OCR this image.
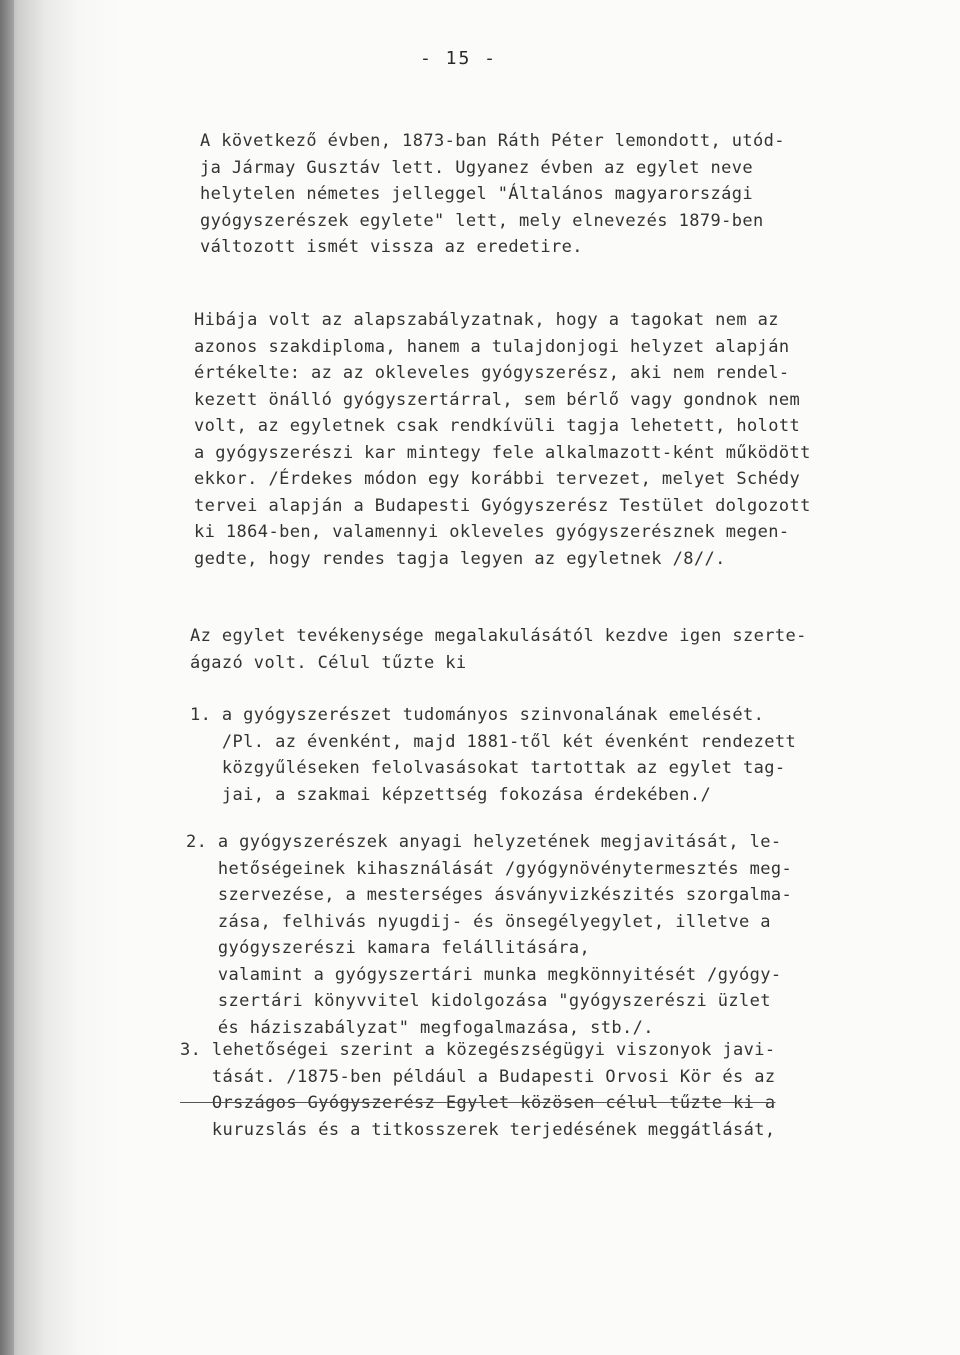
- 15 -
A következő évben, 1873-ban Ráth Péter lemondott, utód-
ja Jármay Gusztáv lett. Ugyanez évben az egylet neve
helytelen németes jelleggel "Általános magyarországi
gyógyszerészek egylete" lett, mely elnevezés 1879-ben
változott ismét vissza az eredetire.
Hibája volt az alapszabályzatnak, hogy a tagokat nem az
azonos szakdiploma, hanem a tulajdonjogi helyzet alapján
értékelte: az az okleveles gyógyszerész, aki nem rendel-
kezett önálló gyógyszertárral, sem bérlő vagy gondnok nem
volt, az egyletnek csak rendkívüli tagja lehetett, holott
a gyógyszerészi kar mintegy fele alkalmazott-ként működött
ekkor. /Érdekes módon egy korábbi tervezet, melyet Schédy
tervei alapján a Budapesti Gyógyszerész Testület dolgozott
ki 1864-ben, valamennyi okleveles gyógyszerésznek megen-
gedte, hogy rendes tagja legyen az egyletnek /8//.
Az egylet tevékenysége megalakulásától kezdve igen szerte-
ágazó volt. Célul tűzte ki
1. a gyógyszerészet tudományos szinvonalának emelését.
/Pl. az évenként, majd 1881-től két évenként rendezett
közgyűléseken felolvasásokat tartottak az egylet tag-
jai, a szakmai képzettség fokozása érdekében./
2. a gyógyszerészek anyagi helyzetének megjavitását, le-
hetőségeinek kihasználását /gyógynövénytermesztés meg-
szervezése, a mesterséges ásványvizkészités szorgalma-
zása, felhivás nyugdij- és önsegélyegylet, illetve a
gyógyszerészi kamara felállitására,
valamint a gyógyszertári munka megkönnyitését /gyógy-
szertári könyvvitel kidolgozása "gyógyszerészi üzlet
és háziszabályzat" megfogalmazása, stb./.
3. lehetőségei szerint a közegészségügyi viszonyok javi-
tását. /1875-ben például a Budapesti Orvosi Kör és az
Országos Gyógyszerész Egylet közösen célul tűzte ki a
kuruzslás és a titkosszerek terjedésének meggátlását,
